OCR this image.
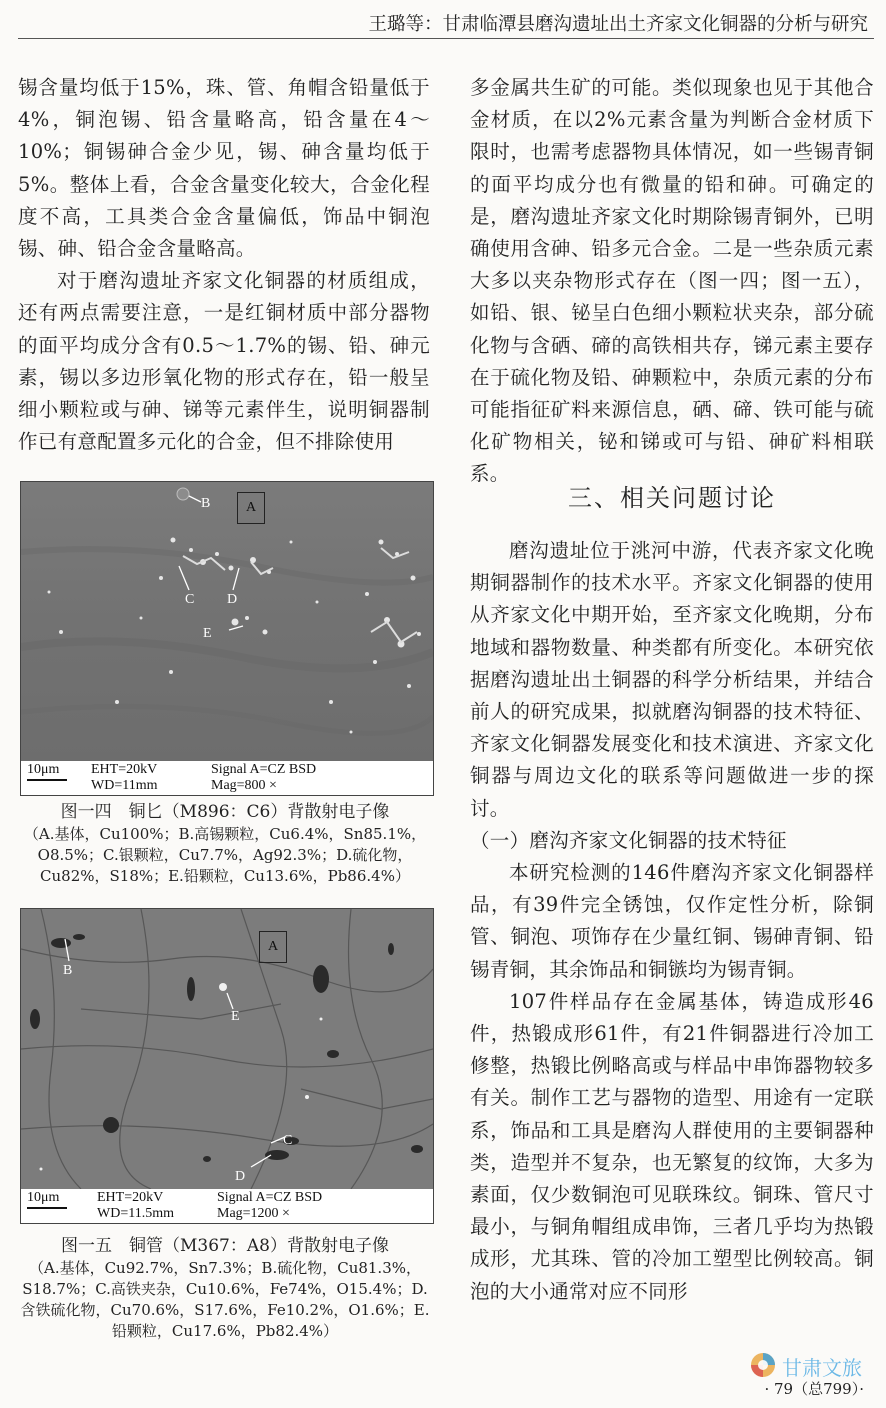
王璐等：甘肃临潭县磨沟遗址出土齐家文化铜器的分析与研究

锡含量均低于15%，珠、管、角帽含铅量低于4%，铜泡锡、铅含量略高，铅含量在4～10%；铜锡砷合金少见，锡、砷含量均低于5%。整体上看，合金含量变化较大，合金化程度不高，工具类合金含量偏低，饰品中铜泡锡、砷、铅合金含量略高。

对于磨沟遗址齐家文化铜器的材质组成，还有两点需要注意，一是红铜材质中部分器物的面平均成分含有0.5～1.7%的锡、铅、砷元素，锡以多边形氧化物的形式存在，铅一般呈细小颗粒或与砷、锑等元素伴生，说明铜器制作已有意配置多元化的合金，但不排除使用

多金属共生矿的可能。类似现象也见于其他合金材质，在以2%元素含量为判断合金材质下限时，也需考虑器物具体情况，如一些锡青铜的面平均成分也有微量的铅和砷。可确定的是，磨沟遗址齐家文化时期除锡青铜外，已明确使用含砷、铅多元合金。二是一些杂质元素大多以夹杂物形式存在（图一四；图一五），如铅、银、铋呈白色细小颗粒状夹杂，部分硫化物与含硒、碲的高铁相共存，锑元素主要存在于硫化物及铅、砷颗粒中，杂质元素的分布可能指征矿料来源信息，硒、碲、铁可能与硫化矿物相关，铋和锑或可与铅、砷矿料相联系。

三、相关问题讨论

磨沟遗址位于洮河中游，代表齐家文化晚期铜器制作的技术水平。齐家文化铜器的使用从齐家文化中期开始，至齐家文化晚期，分布地域和器物数量、种类都有所变化。本研究依据磨沟遗址出土铜器的科学分析结果，并结合前人的研究成果，拟就磨沟铜器的技术特征、齐家文化铜器发展变化和技术演进、齐家文化铜器与周边文化的联系等问题做进一步的探讨。

（一）磨沟齐家文化铜器的技术特征

本研究检测的146件磨沟齐家文化铜器样品，有39件完全锈蚀，仅作定性分析，除铜管、铜泡、项饰存在少量红铜、锡砷青铜、铅锡青铜，其余饰品和铜镞均为锡青铜。

107件样品存在金属基体，铸造成形46件，热锻成形61件，有21件铜器进行冷加工修整，热锻比例略高或与样品中串饰器物较多有关。制作工艺与器物的造型、用途有一定联系，饰品和工具是磨沟人群使用的主要铜器种类，造型并不复杂，也无繁复的纹饰，大多为素面，仅少数铜泡可见联珠纹。铜珠、管尺寸最小，与铜角帽组成串饰，三者几乎均为热锻成形，尤其珠、管的冷加工塑型比例较高。铜泡的大小通常对应不同形

B	A
C D
E
10μm EHT=20kV
WD=11mm
Signal A=CZ BSD
Mag=800 ×
图一四　铜匕（M896：C6）背散射电子像
（A.基体，Cu100%；B.高锡颗粒，Cu6.4%，Sn85.1%，O8.5%；C.银颗粒，Cu7.7%，Ag92.3%；D.硫化物，Cu82%，S18%；E.铅颗粒，Cu13.6%，Pb86.4%）
B
A
E
C
D
10μm	EHT=20kV
WD=11.5mm
Signal A=CZ BSD
Mag=1200 ×
图一五　铜管（M367：A8）背散射电子像
（A.基体，Cu92.7%，Sn7.3%；B.硫化物，Cu81.3%，S18.7%；C.高铁夹杂，Cu10.6%，Fe74%，O15.4%；D.含铁硫化物，Cu70.6%，S17.6%，Fe10.2%，O1.6%；E.铅颗粒，Cu17.6%，Pb82.4%）
甘肃文旅
· 79（总799）·
